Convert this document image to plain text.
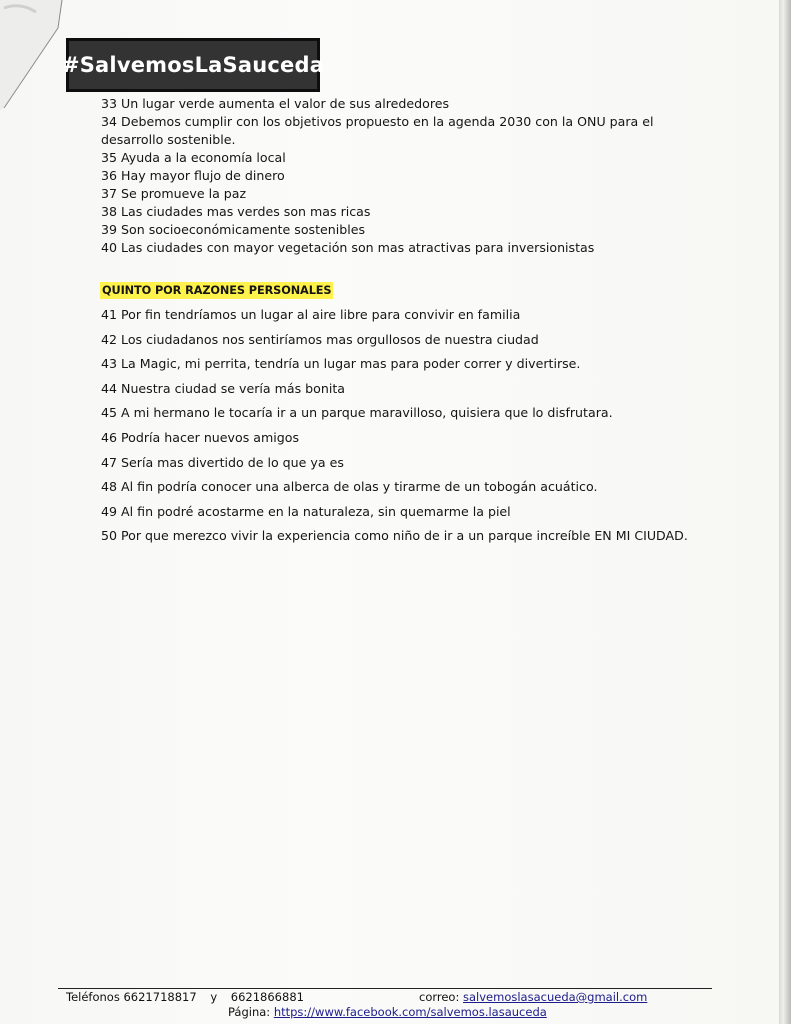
#SalvemosLaSauceda
33 Un lugar verde aumenta el valor de sus alrededores
34 Debemos cumplir con los objetivos propuesto en la agenda 2030 con la ONU para el
desarrollo sostenible.
35 Ayuda a la economía local
36 Hay mayor flujo de dinero
37 Se promueve la paz
38 Las ciudades mas verdes son mas ricas
39 Son socioeconómicamente sostenibles
40 Las ciudades con mayor vegetación son mas atractivas para inversionistas
QUINTO POR RAZONES PERSONALES
41 Por fin tendríamos un lugar al aire libre para convivir en familia
42 Los ciudadanos nos sentiríamos mas orgullosos de nuestra ciudad
43 La Magic, mi perrita, tendría un lugar mas para poder correr y divertirse.
44 Nuestra ciudad se vería más bonita
45 A mi hermano le tocaría ir a un parque maravilloso, quisiera que lo disfrutara.
46 Podría hacer nuevos amigos
47 Sería mas divertido de lo que ya es
48 Al fin podría conocer una alberca de olas y tirarme de un tobogán acuático.
49 Al fin podré acostarme en la naturaleza, sin quemarme la piel
50 Por que merezco vivir la experiencia como niño de ir a un parque increíble EN MI CIUDAD.
Teléfonos 6621718817 y 6621866881	correo: salvemoslasacueda@gmail.com
Página: https://www.facebook.com/salvemos.lasauceda
